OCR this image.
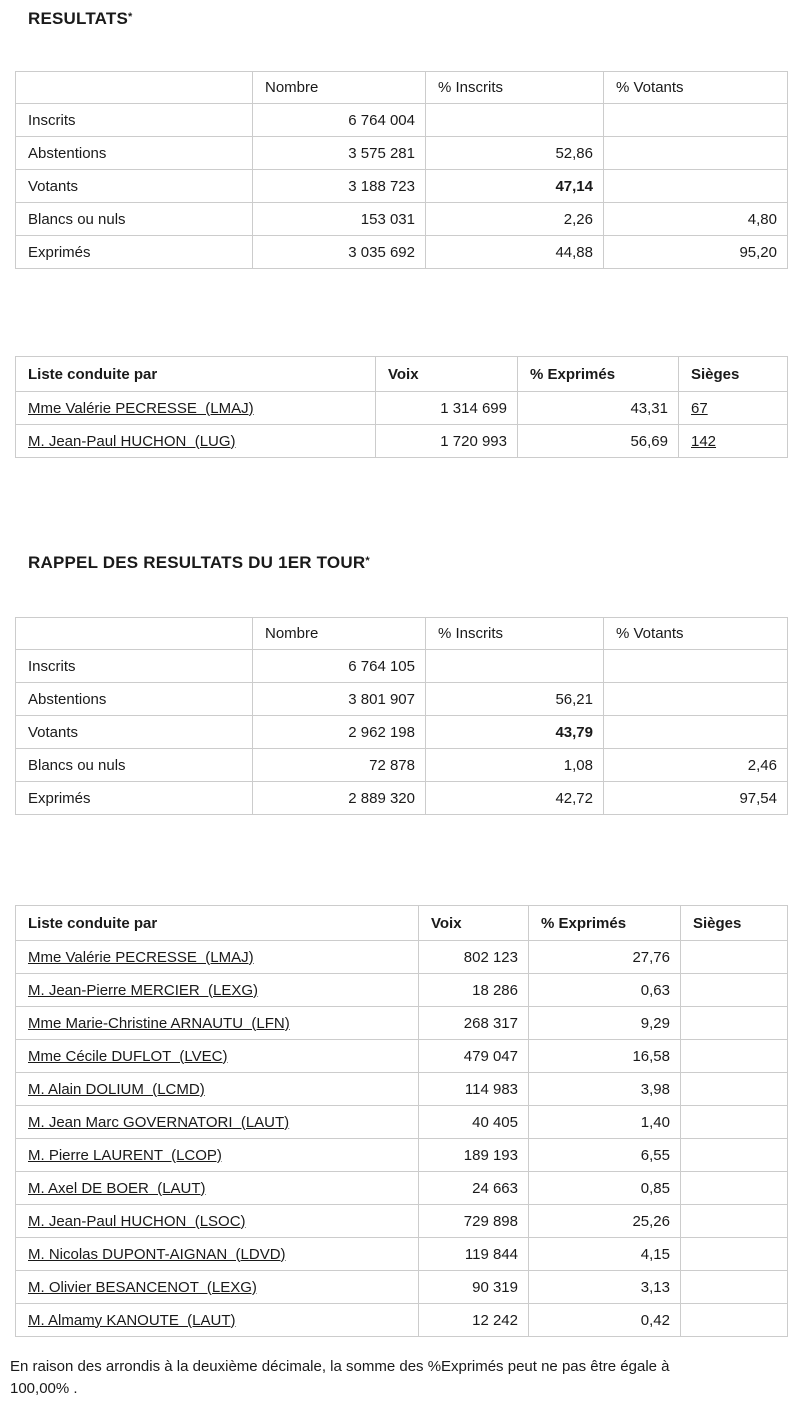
RESULTATS*
	Nombre	% Inscrits	% Votants
Inscrits	6 764 004		
Abstentions	3 575 281	52,86	
Votants	3 188 723	47,14	
Blancs ou nuls	153 031	2,26	4,80
Exprimés	3 035 692	44,88	95,20
Liste conduite par	Voix	% Exprimés	Sièges
Mme Valérie PECRESSE  (LMAJ)	1 314 699	43,31	67
M. Jean-Paul HUCHON  (LUG)	1 720 993	56,69	142
RAPPEL DES RESULTATS DU 1ER TOUR*
	Nombre	% Inscrits	% Votants
Inscrits	6 764 105		
Abstentions	3 801 907	56,21	
Votants	2 962 198	43,79	
Blancs ou nuls	72 878	1,08	2,46
Exprimés	2 889 320	42,72	97,54
Liste conduite par	Voix	% Exprimés	Sièges
Mme Valérie PECRESSE  (LMAJ)	802 123	27,76	
M. Jean-Pierre MERCIER  (LEXG)	18 286	0,63	
Mme Marie-Christine ARNAUTU  (LFN)	268 317	9,29	
Mme Cécile DUFLOT  (LVEC)	479 047	16,58	
M. Alain DOLIUM  (LCMD)	114 983	3,98	
M. Jean Marc GOVERNATORI  (LAUT)	40 405	1,40	
M. Pierre LAURENT  (LCOP)	189 193	6,55	
M. Axel DE BOER  (LAUT)	24 663	0,85	
M. Jean-Paul HUCHON  (LSOC)	729 898	25,26	
M. Nicolas DUPONT-AIGNAN  (LDVD)	119 844	4,15	
M. Olivier BESANCENOT  (LEXG)	90 319	3,13	
M. Almamy KANOUTE  (LAUT)	12 242	0,42	
En raison des arrondis à la deuxième décimale, la somme des %Exprimés peut ne pas être égale à
100,00% .
